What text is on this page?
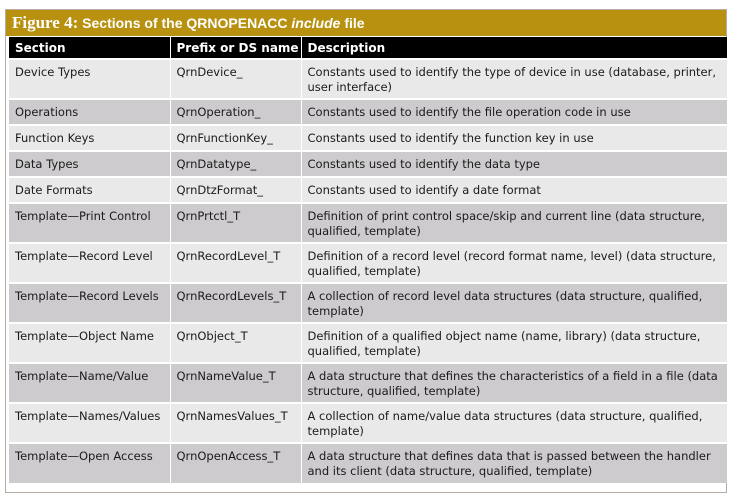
Figure 4: Sections of the QRNOPENACC include file
Section	Prefix or DS name	Description
Device Types	QrnDevice_	Constants used to identify the type of device in use (database, printer, user interface)
Operations	QrnOperation_	Constants used to identify the file operation code in use
Function Keys	QrnFunctionKey_	Constants used to identify the function key in use
Data Types	QrnDatatype_	Constants used to identify the data type
Date Formats	QrnDtzFormat_	Constants used to identify a date format
Template—Print Control	QrnPrtctl_T	Definition of print control space/skip and current line (data structure, qualified, template)
Template—Record Level	QrnRecordLevel_T	Definition of a record level (record format name, level) (data structure, qualified, template)
Template—Record Levels	QrnRecordLevels_T	A collection of record level data structures (data structure, qualified, template)
Template—Object Name	QrnObject_T	Definition of a qualified object name (name, library) (data structure, qualified, template)
Template—Name/Value	QrnNameValue_T	A data structure that defines the characteristics of a field in a file (data structure, qualified, template)
Template—Names/Values	QrnNamesValues_T	A collection of name/value data structures (data structure, qualified, template)
Template—Open Access	QrnOpenAccess_T	A data structure that defines data that is passed between the handler and its client (data structure, qualified, template)
